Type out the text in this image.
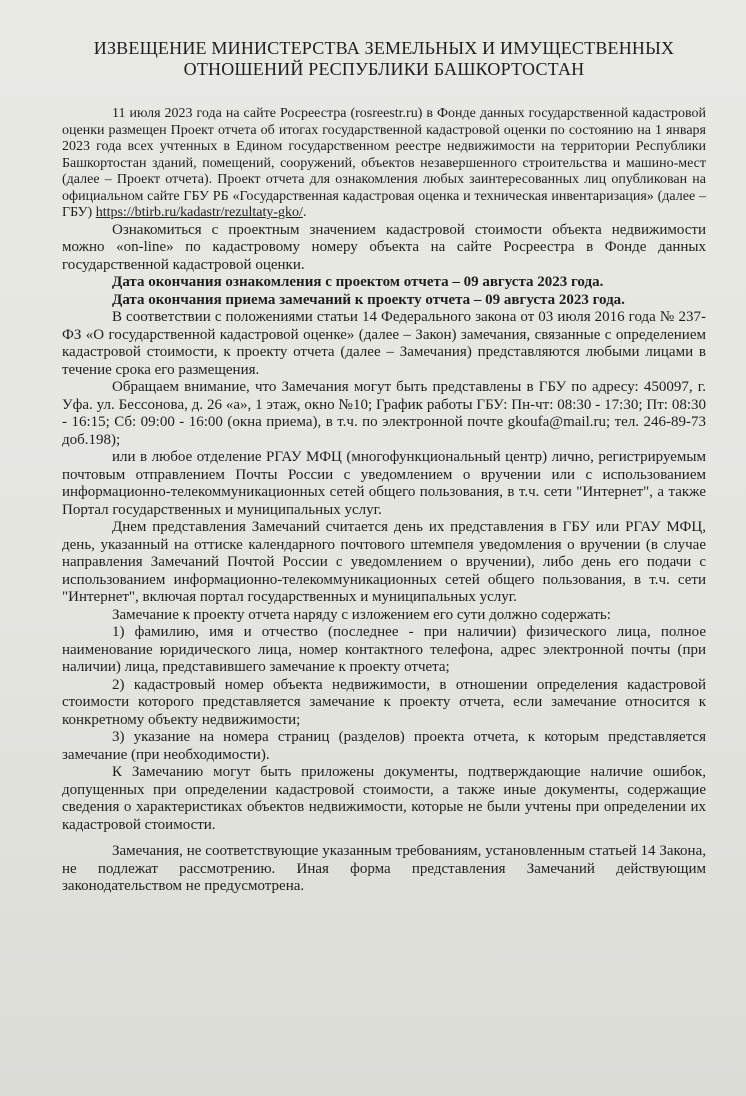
ИЗВЕЩЕНИЕ МИНИСТЕРСТВА ЗЕМЕЛЬНЫХ И ИМУЩЕСТВЕННЫХ
ОТНОШЕНИЙ РЕСПУБЛИКИ БАШКОРТОСТАН

11 июля 2023 года на сайте Росреестра (rosreestr.ru) в Фонде данных государственной кадастровой оценки размещен Проект отчета об итогах государственной кадастровой оценки по состоянию на 1 января 2023 года всех учтенных в Едином государственном реестре недвижимости на территории Республики Башкортостан зданий, помещений, сооружений, объектов незавершенного строительства и машино-мест (далее – Проект отчета). Проект отчета для ознакомления любых заинтересованных лиц опубликован на официальном сайте ГБУ РБ «Государственная кадастровая оценка и техническая инвентаризация» (далее – ГБУ) https://btirb.ru/kadastr/rezultaty-gko/.

Ознакомиться с проектным значением кадастровой стоимости объекта недвижимости можно «on-line» по кадастровому номеру объекта на сайте Росреестра в Фонде данных государственной кадастровой оценки.

Дата окончания ознакомления с проектом отчета – 09 августа 2023 года.

Дата окончания приема замечаний к проекту отчета – 09 августа 2023 года.

В соответствии с положениями статьи 14 Федерального закона от 03 июля 2016 года № 237-ФЗ «О государственной кадастровой оценке» (далее – Закон) замечания, связанные с определением кадастровой стоимости, к проекту отчета (далее – Замечания) представляются любыми лицами в течение срока его размещения.

Обращаем внимание, что Замечания могут быть представлены в ГБУ по адресу: 450097, г. Уфа. ул. Бессонова, д. 26 «а», 1 этаж, окно №10; График работы ГБУ: Пн-чт: 08:30 - 17:30; Пт: 08:30 - 16:15; Сб: 09:00 - 16:00 (окна приема), в т.ч. по электронной почте gkoufa@mail.ru; тел. 246-89-73 доб.198);

или в любое отделение РГАУ МФЦ (многофункциональный центр) лично, регистрируемым почтовым отправлением Почты России с уведомлением о вручении или с использованием информационно-телекоммуникационных сетей общего пользования, в т.ч. сети "Интернет", а также Портал государственных и муниципальных услуг.

Днем представления Замечаний считается день их представления в ГБУ или РГАУ МФЦ, день, указанный на оттиске календарного почтового штемпеля уведомления о вручении (в случае направления Замечаний Почтой России с уведомлением о вручении), либо день его подачи с использованием информационно-телекоммуникационных сетей общего пользования, в т.ч. сети "Интернет", включая портал государственных и муниципальных услуг.

Замечание к проекту отчета наряду с изложением его сути должно содержать:

1) фамилию, имя и отчество (последнее - при наличии) физического лица, полное наименование юридического лица, номер контактного телефона, адрес электронной почты (при наличии) лица, представившего замечание к проекту отчета;

2) кадастровый номер объекта недвижимости, в отношении определения кадастровой стоимости которого представляется замечание к проекту отчета, если замечание относится к конкретному объекту недвижимости;

3) указание на номера страниц (разделов) проекта отчета, к которым представляется замечание (при необходимости).

К Замечанию могут быть приложены документы, подтверждающие наличие ошибок, допущенных при определении кадастровой стоимости, а также иные документы, содержащие сведения о характеристиках объектов недвижимости, которые не были учтены при определении их кадастровой стоимости.

Замечания, не соответствующие указанным требованиям, установленным статьей 14 Закона, не подлежат рассмотрению. Иная форма представления Замечаний действующим законодательством не предусмотрена.
